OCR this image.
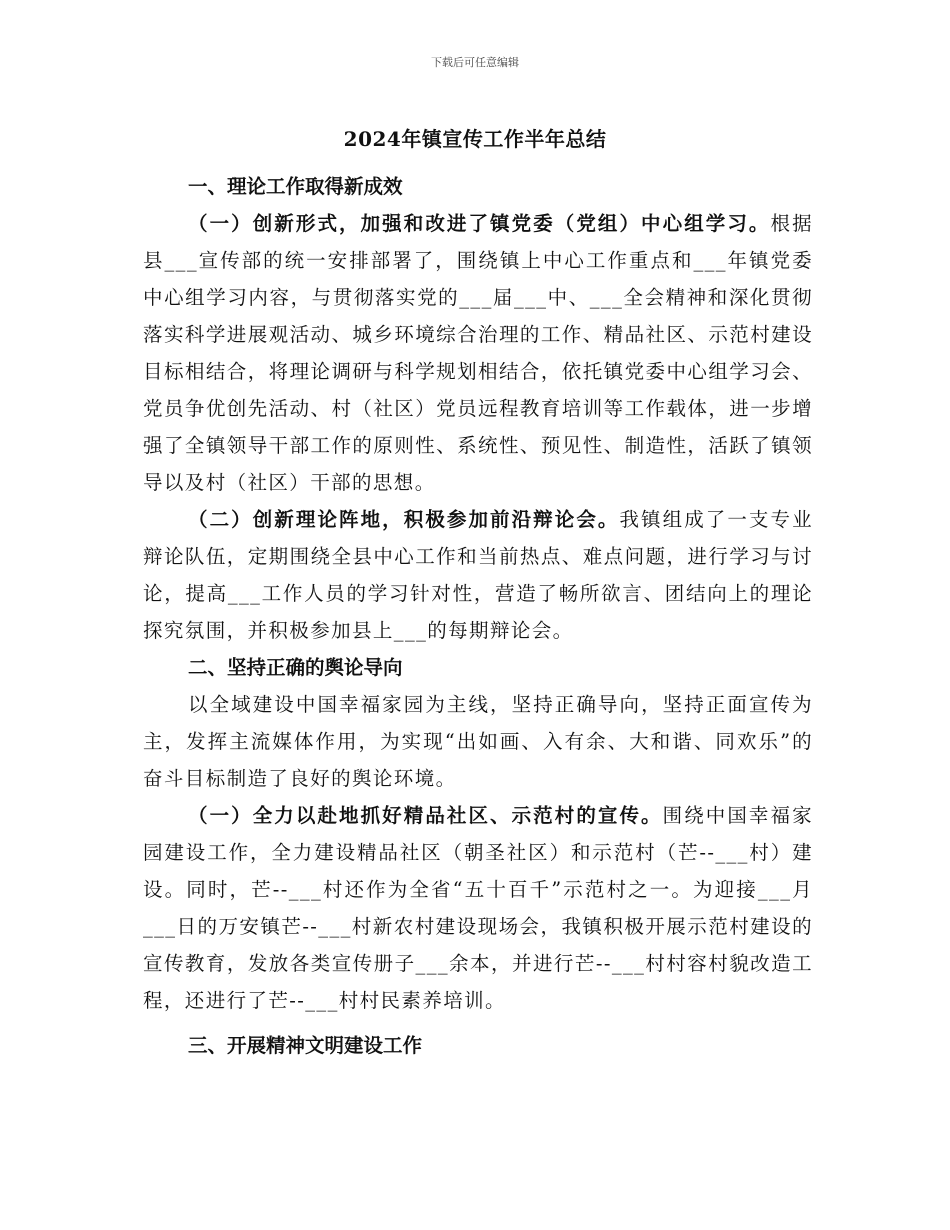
下载后可任意编辑
2024年镇宣传工作半年总结

一、理论工作取得新成效

（一）创新形式，加强和改进了镇党委（党组）中心组学习。根据县___宣传部的统一安排部署了，围绕镇上中心工作重点和___年镇党委中心组学习内容，与贯彻落实党的___届___中、___全会精神和深化贯彻落实科学进展观活动、城乡环境综合治理的工作、精品社区、示范村建设目标相结合，将理论调研与科学规划相结合，依托镇党委中心组学习会、党员争优创先活动、村（社区）党员远程教育培训等工作载体，进一步增强了全镇领导干部工作的原则性、系统性、预见性、制造性，活跃了镇领导以及村（社区）干部的思想。

（二）创新理论阵地，积极参加前沿辩论会。我镇组成了一支专业辩论队伍，定期围绕全县中心工作和当前热点、难点问题，进行学习与讨论，提高___工作人员的学习针对性，营造了畅所欲言、团结向上的理论探究氛围，并积极参加县上___的每期辩论会。

二、坚持正确的舆论导向

以全域建设中国幸福家园为主线，坚持正确导向，坚持正面宣传为主，发挥主流媒体作用，为实现“出如画、入有余、大和谐、同欢乐”的奋斗目标制造了良好的舆论环境。

（一）全力以赴地抓好精品社区、示范村的宣传。围绕中国幸福家园建设工作，全力建设精品社区（朝圣社区）和示范村（芒--___村）建设。同时，芒--___村还作为全省“五十百千”示范村之一。为迎接___月___日的万安镇芒--___村新农村建设现场会，我镇积极开展示范村建设的宣传教育，发放各类宣传册子___余本，并进行芒--___村村容村貌改造工程，还进行了芒--___村村民素养培训。

三、开展精神文明建设工作
